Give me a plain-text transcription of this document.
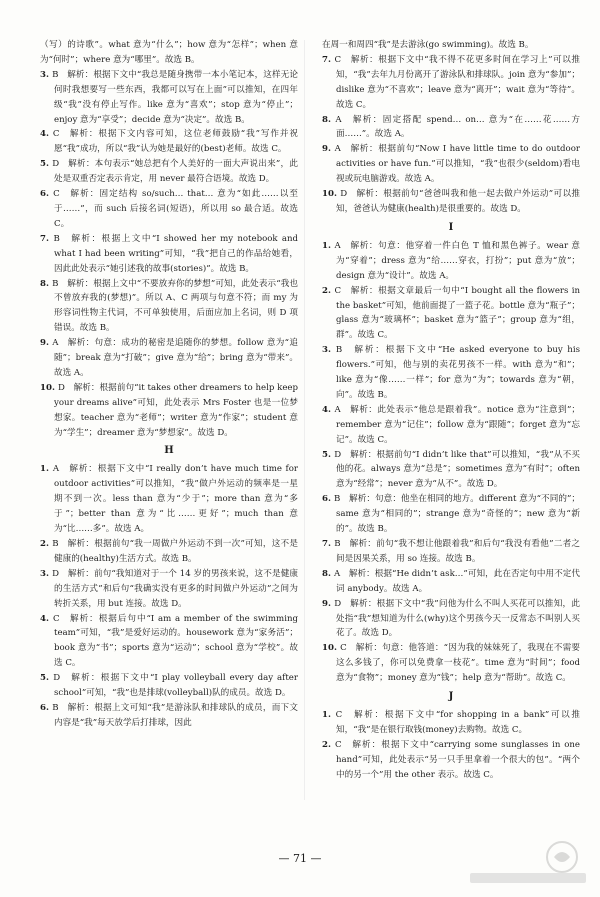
（写）的诗歌”。what 意为“什么”；how 意为“怎样”；when 意为“何时”；where 意为“哪里”。故选 B。

3. B　解析：根据下文中“我总是随身携带一本小笔记本，这样无论何时我想要写一些东西，我都可以写在上面”可以推知，在四年级“我”没有停止写作。like 意为“喜欢”；stop 意为“停止”；enjoy 意为“享受”；decide 意为“决定”。故选 B。

4. C　解析：根据下文内容可知，这位老师鼓励“我”写作并祝愿“我”成功，所以“我”认为她是最好的(best)老师。故选 C。

5. D　解析：本句表示“她总把有个人美好的一面大声说出来”，此处是双重否定表示肯定，用 never 最符合语境。故选 D。

6. C　解析：固定结构 so/such… that… 意为“如此……以至于……”，而 such 后接名词(短语)，所以用 so 最合适。故选 C。

7. B　解析：根据上文中“I showed her my notebook and what I had been writing”可知，“我”把自己的作品给她看，因此此处表示“她引述我的故事(stories)”。故选 B。

8. B　解析：根据上文中“不要放弃你的梦想”可知，此处表示“我也不曾放弃我的(梦想)”。所以 A、C 两项与句意不符；而 my 为形容词性物主代词，不可单独使用，后面应加上名词，则 D 项错误。故选 B。

9. A　解析：句意：成功的秘密是追随你的梦想。follow 意为“追随”；break 意为“打破”；give 意为“给”；bring 意为“带来”。故选 A。

10. D　解析：根据前句“it takes other dreamers to help keep your dreams alive”可知，此处表示 Mrs Foster 也是一位梦想家。teacher 意为“老师”；writer 意为“作家”；student 意为“学生”；dreamer 意为“梦想家”。故选 D。

H

1. A　解析：根据下文中“I really don’t have much time for outdoor activities”可以推知，“我”做户外运动的频率是一星期不到一次。less than 意为“少于”；more than 意为“多于”；better than 意为“比……更好”；much than 意为“比……多”。故选 A。

2. B　解析：根据前句“我一周做户外运动不到一次”可知，这不是健康的(healthy)生活方式。故选 B。

3. D　解析：前句“我知道对于一个 14 岁的男孩来说，这不是健康的生活方式”和后句“我确实没有更多的时间做户外运动”之间为转折关系，用 but 连接。故选 D。

4. C　解析：根据后句中“I am a member of the swimming team”可知，“我”是爱好运动的。housework 意为“家务活”；book 意为“书”；sports 意为“运动”；school 意为“学校”。故选 C。

5. D　解析：根据下文中“I play volleyball every day after school”可知，“我”也是排球(volleyball)队的成员。故选 D。

6. B　解析：根据上文可知“我”是游泳队和排球队的成员，而下文内容是“我”每天放学后打排球，因此

在周一和周四“我”是去游泳(go swimming)。故选 B。

7. C　解析：根据下文中“我不得不花更多时间在学习上”可以推知，“我”去年九月份离开了游泳队和排球队。join 意为“参加”；dislike 意为“不喜欢”；leave 意为“离开”；wait 意为“等待”。故选 C。

8. A　解析：固定搭配 spend… on… 意为“在……花……方面……”。故选 A。

9. A　解析：根据前句“Now I have little time to do outdoor activities or have fun.”可以推知，“我”也很少(seldom)看电视或玩电脑游戏。故选 A。

10. D　解析：根据前句“爸爸叫我和他一起去做户外运动”可以推知，爸爸认为健康(health)是很重要的。故选 D。

I

1. A　解析：句意：他穿着一件白色 T 恤和黑色裤子。wear 意为“穿着”；dress 意为“给……穿衣，打扮”；put 意为“放”；design 意为“设计”。故选 A。

2. C　解析：根据文章最后一句中“I bought all the flowers in the basket”可知，他前面提了一篮子花。bottle 意为“瓶子”；glass 意为“玻璃杯”；basket 意为“篮子”；group 意为“组，群”。故选 C。

3. B　解析：根据下文中“He asked everyone to buy his flowers.”可知，他与别的卖花男孩不一样。with 意为“和”；like 意为“像……一样”；for 意为“为”；towards 意为“朝，向”。故选 B。

4. A　解析：此处表示“他总是跟着我”。notice 意为“注意到”；remember 意为“记住”；follow 意为“跟随”；forget 意为“忘记”。故选 C。

5. D　解析：根据前句“I didn’t like that”可以推知，“我”从不买他的花。always 意为“总是”；sometimes 意为“有时”；often 意为“经常”；never 意为“从不”。故选 D。

6. B　解析：句意：他坐在相同的地方。different 意为“不同的”；same 意为“相同的”；strange 意为“奇怪的”；new 意为“新的”。故选 B。

7. B　解析：前句“我不想让他跟着我”和后句“我没有看他”二者之间是因果关系，用 so 连接。故选 B。

8. A　解析：根据“He didn’t ask…”可知，此在否定句中用不定代词 anybody。故选 A。

9. D　解析：根据下文中“我”问他为什么不叫人买花可以推知，此处指“我”想知道为什么(why)这个男孩今天一反常态不叫别人买花了。故选 D。

10. C　解析：句意：他答道：“因为我的妹妹死了，我现在不需要这么多钱了，你可以免费拿一枝花”。time 意为“时间”；food 意为“食物”；money 意为“钱”；help 意为“帮助”。故选 C。

J

1. C　解析：根据下文中“for shopping in a bank”可以推知，“我”是在银行取钱(money)去购物。故选 C。

2. C　解析：根据下文中“carrying some sunglasses in one hand”可知，此处表示“另一只手里拿着一个很大的包”。“两个中的另一个”用 the other 表示。故选 C。

— 71 —
